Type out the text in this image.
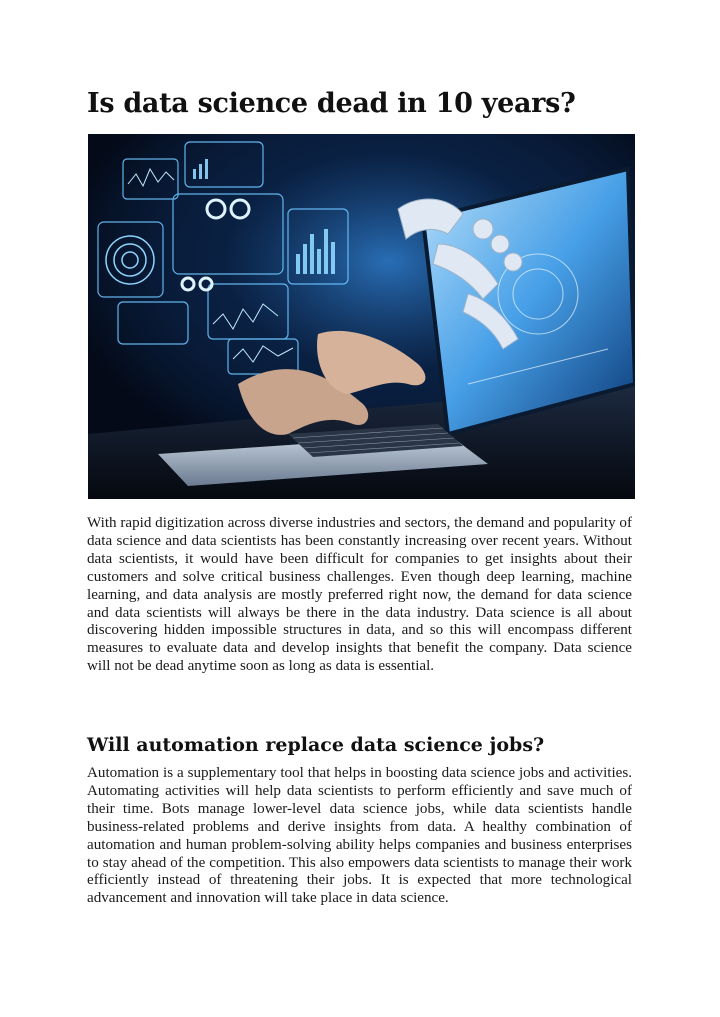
Is data science dead in 10 years?

With rapid digitization across diverse industries and sectors, the demand and popularity of data science and data scientists has been constantly increasing over recent years. Without data scientists, it would have been difficult for companies to get insights about their customers and solve critical business challenges. Even though deep learning, machine learning, and data analysis are mostly preferred right now, the demand for data science and data scientists will always be there in the data industry. Data science is all about discovering hidden impossible structures in data, and so this will encompass different measures to evaluate data and develop insights that benefit the company. Data science will not be dead anytime soon as long as data is essential.

Will automation replace data science jobs?

Automation is a supplementary tool that helps in boosting data science jobs and activities. Automating activities will help data scientists to perform efficiently and save much of their time. Bots manage lower-level data science jobs, while data scientists handle business-related problems and derive insights from data. A healthy combination of automation and human problem-solving ability helps companies and business enterprises to stay ahead of the competition. This also empowers data scientists to manage their work efficiently instead of threatening their jobs. It is expected that more technological advancement and innovation will take place in data science.
